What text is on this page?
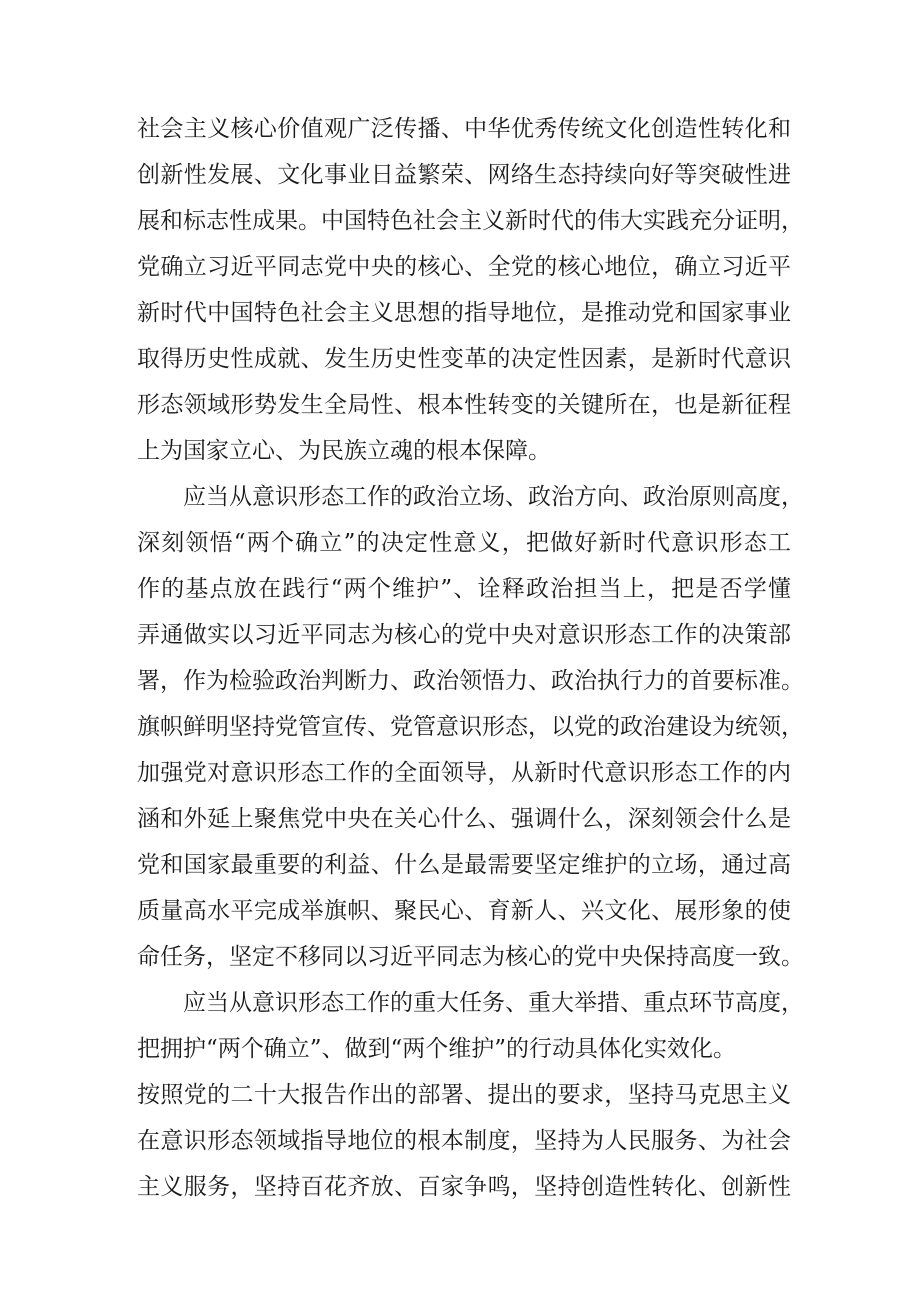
社会主义核心价值观广泛传播、中华优秀传统文化创造性转化和
创新性发展、文化事业日益繁荣、网络生态持续向好等突破性进
展和标志性成果。中国特色社会主义新时代的伟大实践充分证明，
党确立习近平同志党中央的核心、全党的核心地位，确立习近平
新时代中国特色社会主义思想的指导地位，是推动党和国家事业
取得历史性成就、发生历史性变革的决定性因素，是新时代意识
形态领域形势发生全局性、根本性转变的关键所在，也是新征程
上为国家立心、为民族立魂的根本保障。
应当从意识形态工作的政治立场、政治方向、政治原则高度，
深刻领悟“两个确立”的决定性意义，把做好新时代意识形态工
作的基点放在践行“两个维护”、诠释政治担当上，把是否学懂
弄通做实以习近平同志为核心的党中央对意识形态工作的决策部
署，作为检验政治判断力、政治领悟力、政治执行力的首要标准。
旗帜鲜明坚持党管宣传、党管意识形态，以党的政治建设为统领，
加强党对意识形态工作的全面领导，从新时代意识形态工作的内
涵和外延上聚焦党中央在关心什么、强调什么，深刻领会什么是
党和国家最重要的利益、什么是最需要坚定维护的立场，通过高
质量高水平完成举旗帜、聚民心、育新人、兴文化、展形象的使
命任务，坚定不移同以习近平同志为核心的党中央保持高度一致。
应当从意识形态工作的重大任务、重大举措、重点环节高度，
把拥护“两个确立”、做到“两个维护”的行动具体化实效化。
按照党的二十大报告作出的部署、提出的要求，坚持马克思主义
在意识形态领域指导地位的根本制度，坚持为人民服务、为社会
主义服务，坚持百花齐放、百家争鸣，坚持创造性转化、创新性
